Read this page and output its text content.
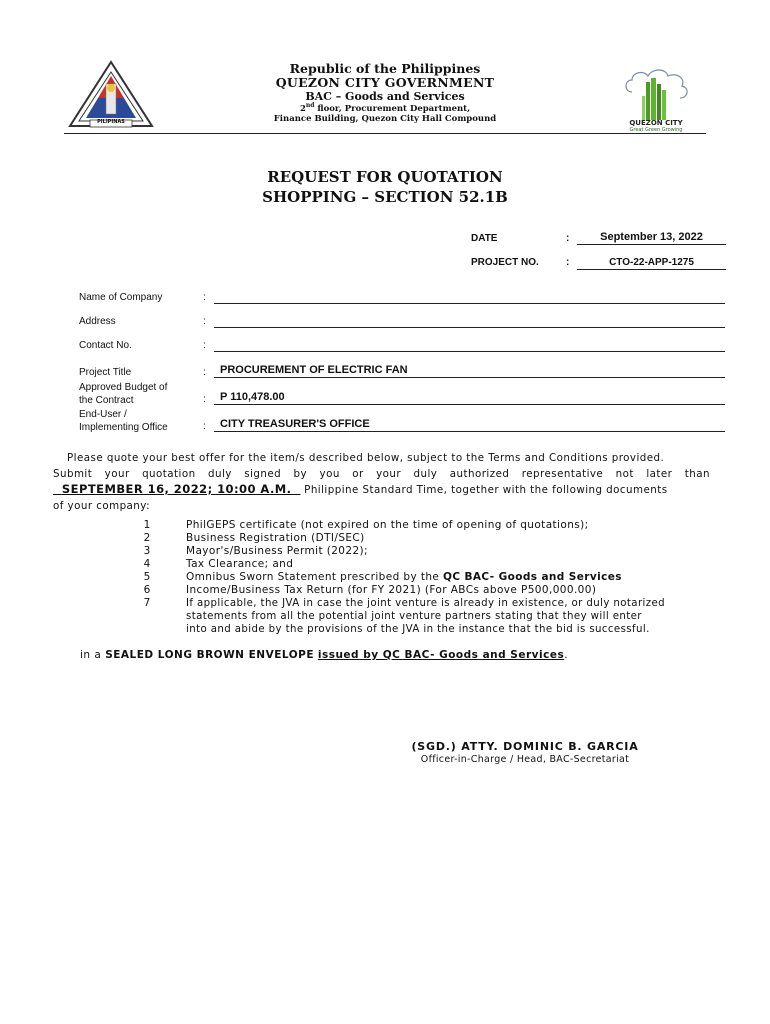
PILIPINAS
Republic of the Philippines
QUEZON CITY GOVERNMENT
BAC – Goods and Services
2nd floor, Procurement Department,
Finance Building, Quezon City Hall Compound	QUEZON CITY
Great Green Growing
REQUEST FOR QUOTATION
SHOPPING – SECTION 52.1B
DATE	:	September 13, 2022
PROJECT NO.	:	CTO-22-APP-1275
Name of Company	:
Address	:
Contact No.	:
Project Title	:	PROCUREMENT OF ELECTRIC FAN
Approved Budget of
the Contract	:	P 110,478.00
End-User /
Implementing Office	:	CITY TREASURER'S OFFICE
Please quote your best offer for the item/s described below, subject to the Terms and Conditions provided.
Submit your quotation duly signed by you or your duly authorized representative not later than
SEPTEMBER 16, 2022; 10:00 A.M. Philippine Standard Time, together with the following documents
of your company:
1	PhilGEPS certificate (not expired on the time of opening of quotations);
2	Business Registration (DTI/SEC)
3	Mayor's/Business Permit (2022);
4	Tax Clearance; and
5	Omnibus Sworn Statement prescribed by the QC BAC- Goods and Services
6	Income/Business Tax Return (for FY 2021) (For ABCs above P500,000.00)
7	If applicable, the JVA in case the joint venture is already in existence, or duly notarized
statements from all the potential joint venture partners stating that they will enter
into and abide by the provisions of the JVA in the instance that the bid is successful.
in a SEALED LONG BROWN ENVELOPE issued by QC BAC- Goods and Services.
(SGD.) ATTY. DOMINIC B. GARCIA
Officer-in-Charge / Head, BAC-Secretariat
